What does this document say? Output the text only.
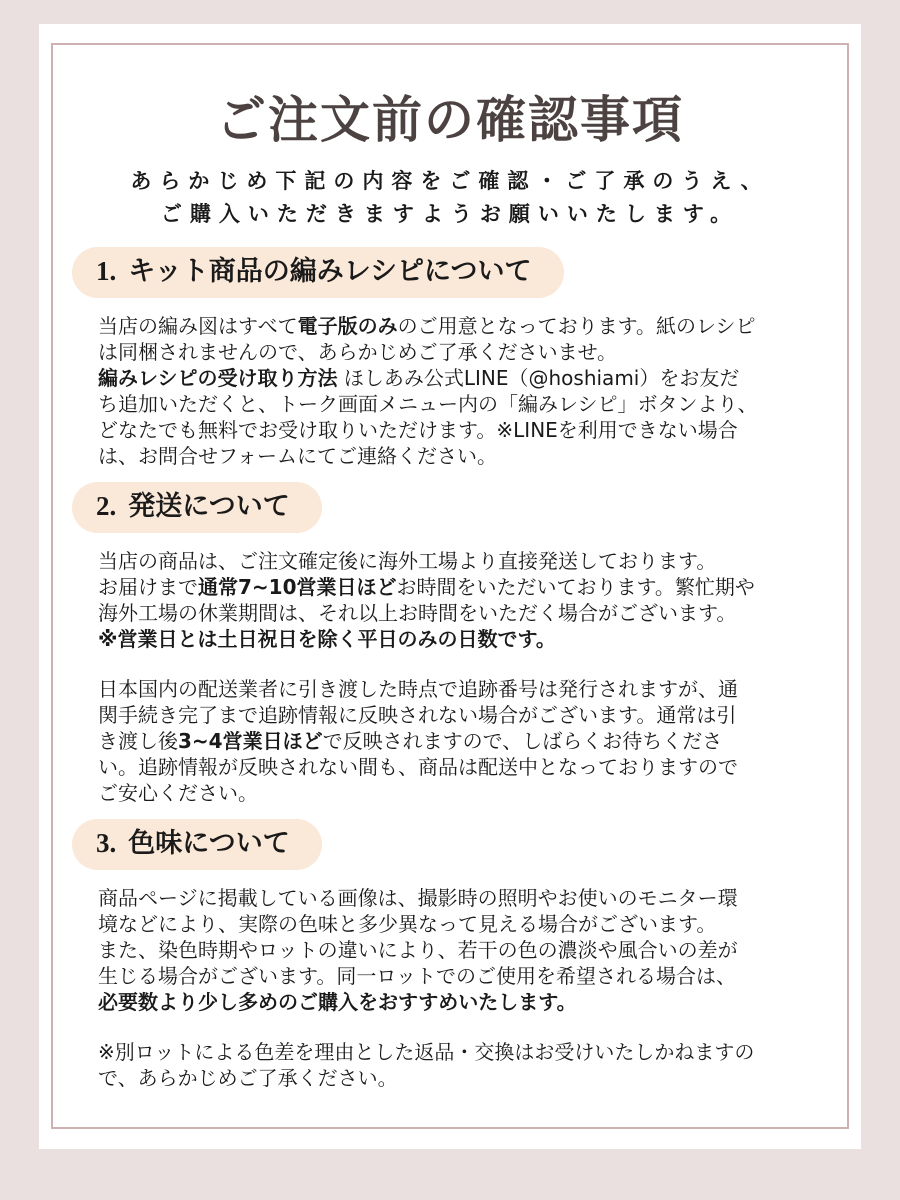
ご注文前の確認事項
あらかじめ下記の内容をご確認・ご了承のうえ、
ご購入いただきますようお願いいたします。
1. キット商品の編みレシピについて
当店の編み図はすべて電子版のみのご用意となっております。紙のレシピ
は同梱されませんので、あらかじめご了承くださいませ。
編みレシピの受け取り方法 ほしあみ公式LINE（@hoshiami）をお友だ
ち追加いただくと、トーク画面メニュー内の「編みレシピ」ボタンより、
どなたでも無料でお受け取りいただけます。※LINEを利用できない場合
は、お問合せフォームにてご連絡ください。
2. 発送について
当店の商品は、ご注文確定後に海外工場より直接発送しております。
お届けまで通常7~10営業日ほどお時間をいただいております。繁忙期や
海外工場の休業期間は、それ以上お時間をいただく場合がございます。
※営業日とは土日祝日を除く平日のみの日数です。
日本国内の配送業者に引き渡した時点で追跡番号は発行されますが、通
関手続き完了まで追跡情報に反映されない場合がございます。通常は引
き渡し後3~4営業日ほどで反映されますので、しばらくお待ちくださ
い。追跡情報が反映されない間も、商品は配送中となっておりますので
ご安心ください。
3. 色味について
商品ページに掲載している画像は、撮影時の照明やお使いのモニター環
境などにより、実際の色味と多少異なって見える場合がございます。
また、染色時期やロットの違いにより、若干の色の濃淡や風合いの差が
生じる場合がございます。同一ロットでのご使用を希望される場合は、
必要数より少し多めのご購入をおすすめいたします。
※別ロットによる色差を理由とした返品・交換はお受けいたしかねますの
で、あらかじめご了承ください。
